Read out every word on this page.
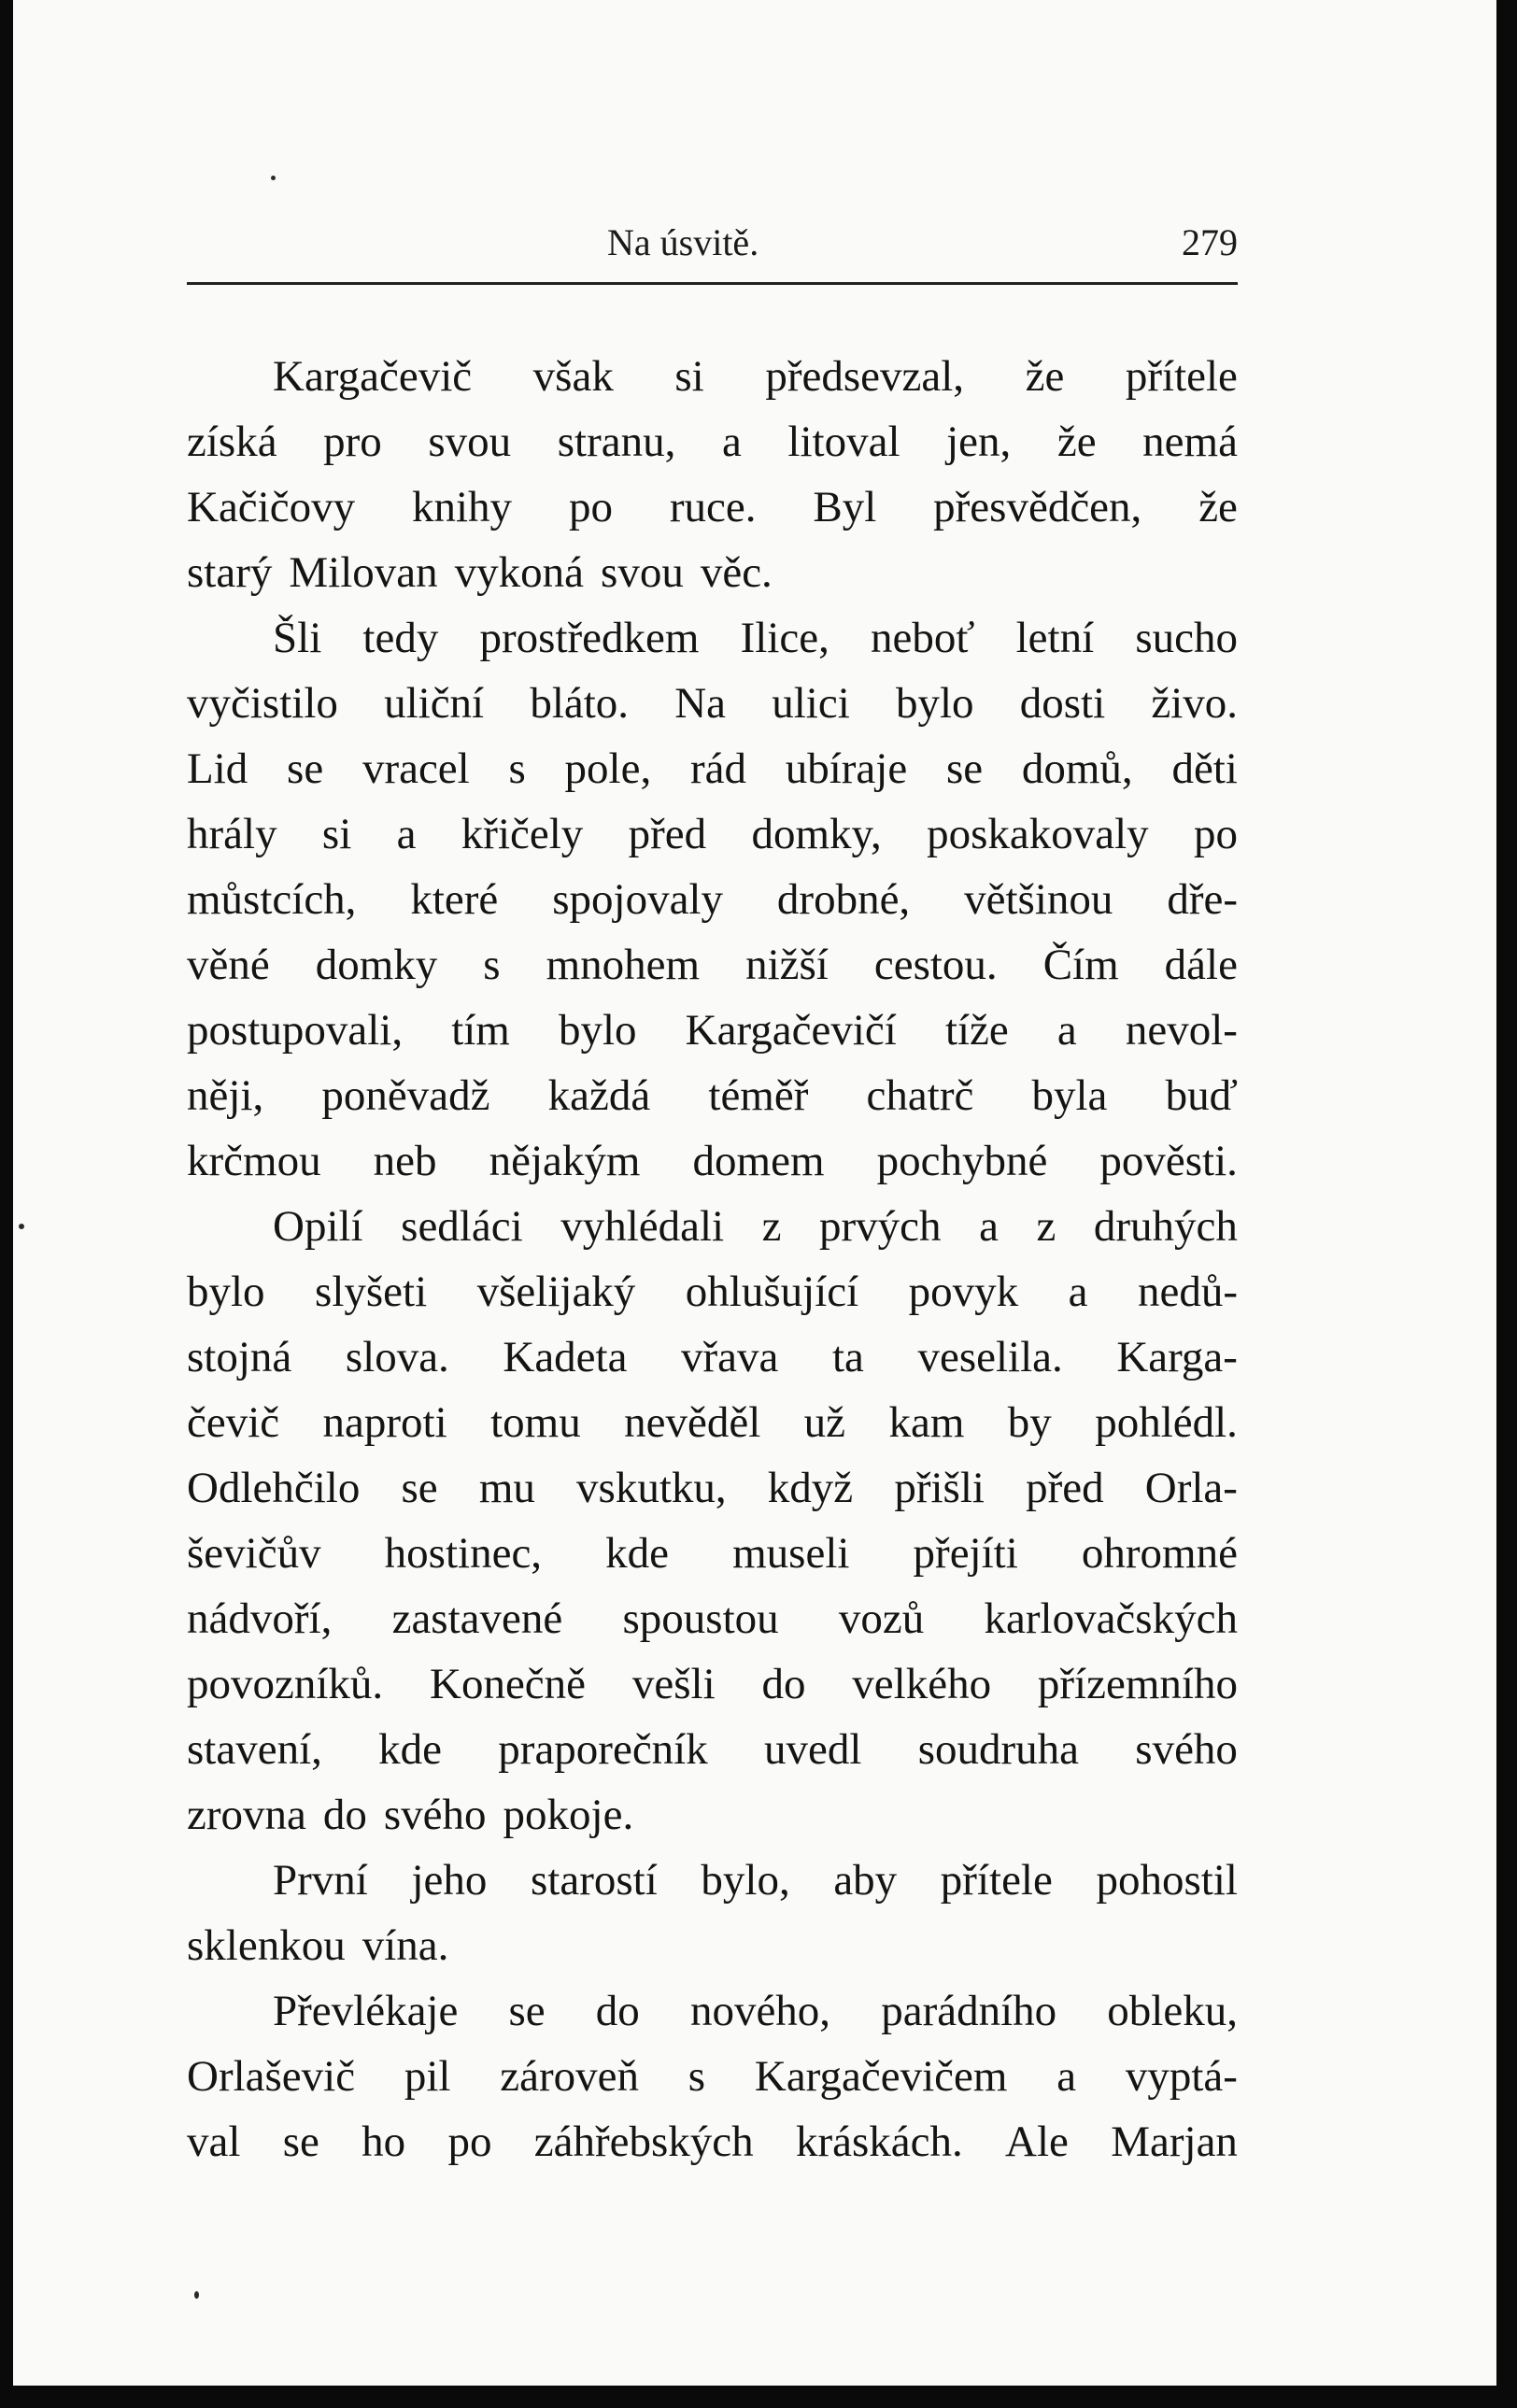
Na úsvitě.	279
Kargačevič však si předsevzal, že přítele
získá pro svou stranu, a litoval jen, že nemá
Kačičovy knihy po ruce. Byl přesvědčen, že
starý Milovan vykoná svou věc.
Šli tedy prostředkem Ilice, neboť letní sucho
vyčistilo uliční bláto. Na ulici bylo dosti živo.
Lid se vracel s pole, rád ubíraje se domů, děti
hrály si a křičely před domky, poskakovaly po
můstcích, které spojovaly drobné, většinou dře-
věné domky s mnohem nižší cestou. Čím dále
postupovali, tím bylo Kargačevičí tíže a nevol-
něji, poněvadž každá téměř chatrč byla buď
krčmou neb nějakým domem pochybné pověsti.
Opilí sedláci vyhlédali z prvých a z druhých
bylo slyšeti všelijaký ohlušující povyk a nedů-
stojná slova. Kadeta vřava ta veselila. Karga-
čevič naproti tomu nevěděl už kam by pohlédl.
Odlehčilo se mu vskutku, když přišli před Orla-
ševičův hostinec, kde museli přejíti ohromné
nádvoří, zastavené spoustou vozů karlovačských
povozníků. Konečně vešli do velkého přízemního
stavení, kde praporečník uvedl soudruha svého
zrovna do svého pokoje.
První jeho starostí bylo, aby přítele pohostil
sklenkou vína.
Převlékaje se do nového, parádního obleku,
Orlaševič pil zároveň s Kargačevičem a vyptá-
val se ho po záhřebských kráskách. Ale Marjan
